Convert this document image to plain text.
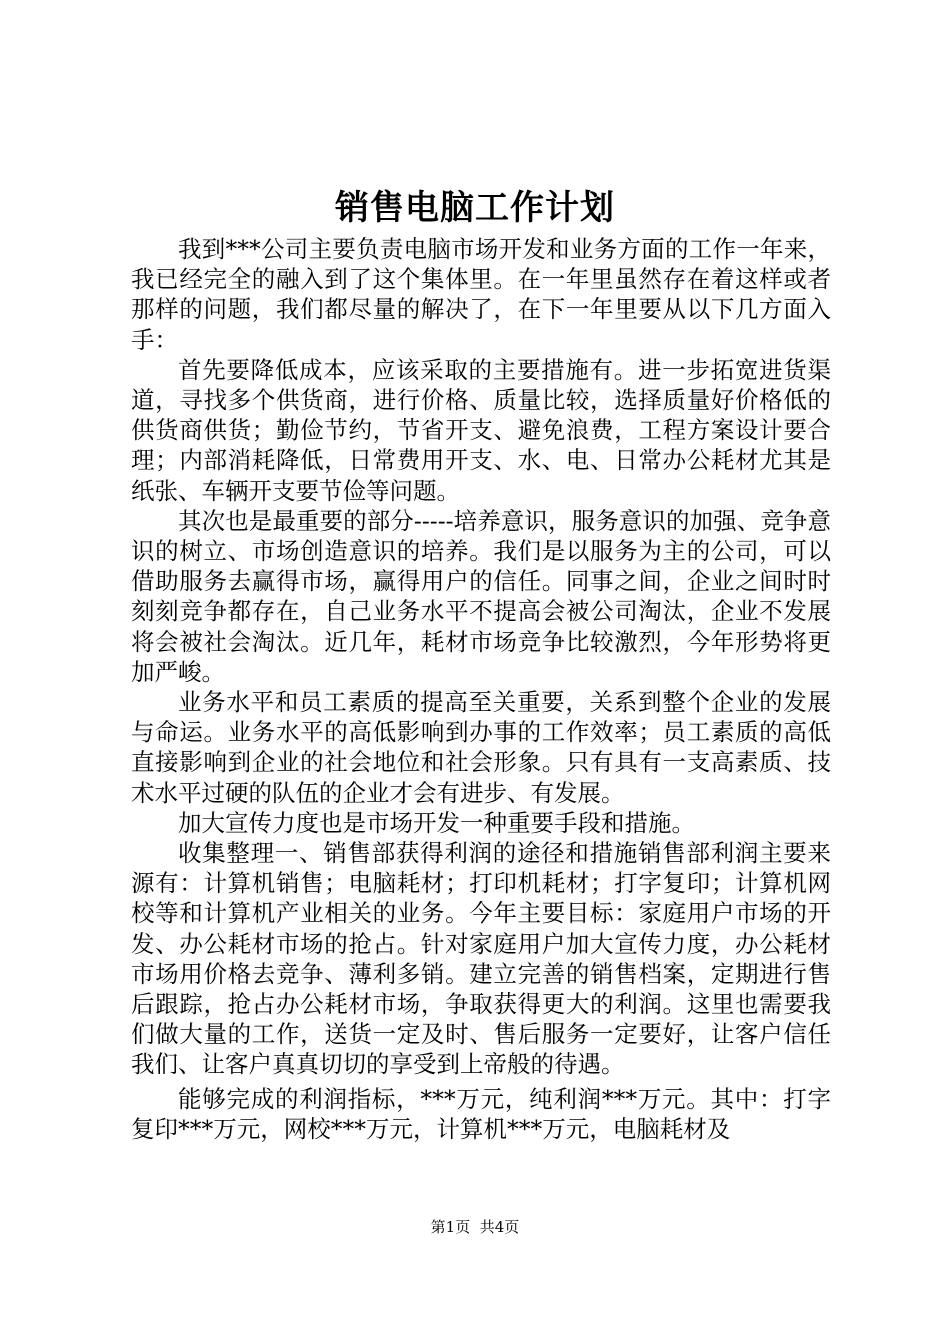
销售电脑工作计划

我到***公司主要负责电脑市场开发和业务方面的工作一年来，我已经完全的融入到了这个集体里。在一年里虽然存在着这样或者那样的问题，我们都尽量的解决了，在下一年里要从以下几方面入手：

首先要降低成本，应该采取的主要措施有。进一步拓宽进货渠道，寻找多个供货商，进行价格、质量比较，选择质量好价格低的供货商供货；勤俭节约，节省开支、避免浪费，工程方案设计要合理；内部消耗降低，日常费用开支、水、电、日常办公耗材尤其是纸张、车辆开支要节俭等问题。

其次也是最重要的部分-----培养意识，服务意识的加强、竞争意识的树立、市场创造意识的培养。我们是以服务为主的公司，可以借助服务去赢得市场，赢得用户的信任。同事之间，企业之间时时刻刻竞争都存在，自己业务水平不提高会被公司淘汰，企业不发展将会被社会淘汰。近几年，耗材市场竞争比较激烈，今年形势将更加严峻。

业务水平和员工素质的提高至关重要，关系到整个企业的发展与命运。业务水平的高低影响到办事的工作效率；员工素质的高低直接影响到企业的社会地位和社会形象。只有具有一支高素质、技术水平过硬的队伍的企业才会有进步、有发展。

加大宣传力度也是市场开发一种重要手段和措施。

收集整理一、销售部获得利润的途径和措施销售部利润主要来源有：计算机销售；电脑耗材；打印机耗材；打字复印；计算机网校等和计算机产业相关的业务。今年主要目标：家庭用户市场的开发、办公耗材市场的抢占。针对家庭用户加大宣传力度，办公耗材市场用价格去竞争、薄利多销。建立完善的销售档案，定期进行售后跟踪，抢占办公耗材市场，争取获得更大的利润。这里也需要我们做大量的工作，送货一定及时、售后服务一定要好，让客户信任我们、让客户真真切切的享受到上帝般的待遇。

能够完成的利润指标，***万元，纯利润***万元。其中：打字复印***万元，网校***万元，计算机***万元，电脑耗材及

第1页 共4页
